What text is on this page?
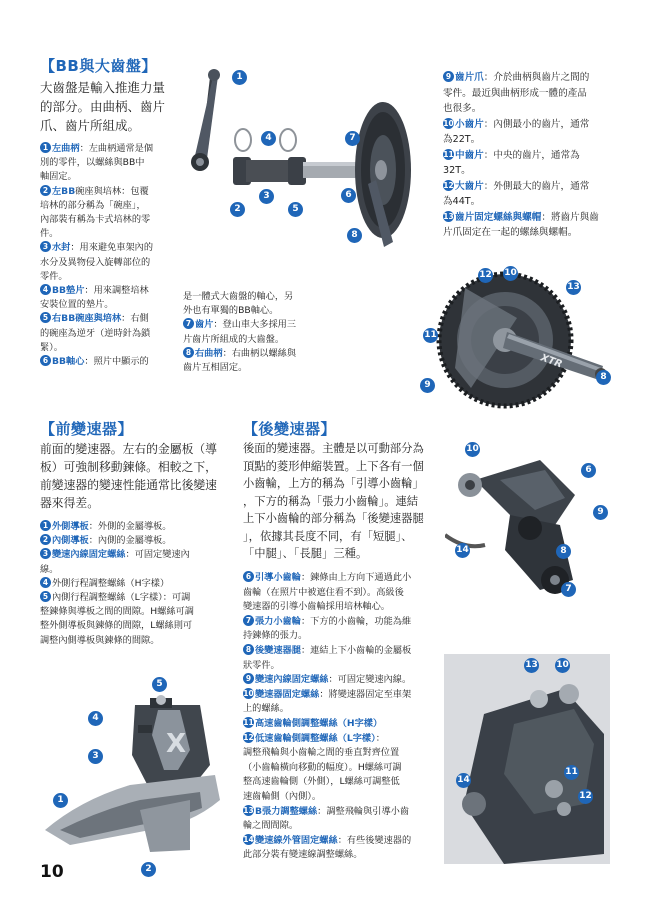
【BB與大齒盤】
大齒盤是輸入推進力量
的部分。由曲柄、齒片
爪、齒片所組成。
1 左曲柄：左曲柄通常是個
別的零件，以螺絲與BB中
軸固定。
2 左BB碗座與培林：包覆
培林的部分稱為「碗座」，
內部裝有稱為卡式培林的零
件。
3 水封：用來避免車架內的
水分及異物侵入旋轉部位的
零件。
4 BB墊片：用來調整培林
安裝位置的墊片。
5 右BB碗座與培林：右側
的碗座為逆牙（逆時針為鎖
緊）。
6 BB軸心：照片中顯示的
是一體式大齒盤的軸心，另
外也有單獨的BB軸心。
7 齒片：登山車大多採用三
片齒片所組成的大齒盤。
8 右曲柄：右曲柄以螺絲與
齒片互相固定。
9 齒片爪：介於曲柄與齒片之間的
零件。最近與曲柄形成一體的產品
也很多。
10小齒片：內側最小的齒片，通常
為22T。
11中齒片：中央的齒片，通常為
32T。
12大齒片：外側最大的齒片，通常
為44T。
13齒片固定螺絲與螺帽：將齒片與齒
片爪固定在一起的螺絲與螺帽。
1
4
2
3
5
6
7
8
XTR
12 10
13
11
9
8
【前變速器】
前面的變速器。左右的金屬板（導
板）可強制移動鍊條。相較之下，
前變速器的變速性能通常比後變速
器來得差。
1 外側導板：外側的金屬導板。
2 內側導板：內側的金屬導板。
3 變速內線固定螺絲：可固定變速內
線。
4 外側行程調整螺絲（H字樣）
5 內側行程調整螺絲（L字樣）：可調
整鍊條與導板之間的間隙。H螺絲可調
整外側導板與鍊條的間隙，L螺絲則可
調整內側導板與鍊條的間隙。
X
5
4
3
1
2
【後變速器】
後面的變速器。主體是以可動部分為
頂點的菱形伸縮裝置。上下各有一個
小齒輪，上方的稱為「引導小齒輪」
，下方的稱為「張力小齒輪」。連結
上下小齒輪的部分稱為「後變速器腿
」，依據其長度不同，有「短腿」、
「中腿」、「長腿」三種。
6 引導小齒輪：鍊條由上方向下通過此小
齒輪（在照片中被遮住看不到）。高級後
變速器的引導小齒輪採用培林軸心。
7 張力小齒輪：下方的小齒輪，功能為維
持鍊條的張力。
8 後變速器腿：連結上下小齒輪的金屬板
狀零件。
9 變速內線固定螺絲：可固定變速內線。
10變速器固定螺絲：將變速器固定至車架
上的螺絲。
11高速齒輪側調整螺絲（H字樣）
12低速齒輪側調整螺絲（L字樣）：
調整飛輪與小齒輪之間的垂直對齊位置
（小齒輪橫向移動的幅度）。H螺絲可調
整高速齒輪側（外側），L螺絲可調整低
速齒輪側（內側）。
13B張力調整螺絲：調整飛輪與引導小齒
輪之間間隙。
14變速線外管固定螺絲：有些後變速器的
此部分裝有變速線調整螺絲。
10
6
9
14	8
7
13 10
11
14
12
10
